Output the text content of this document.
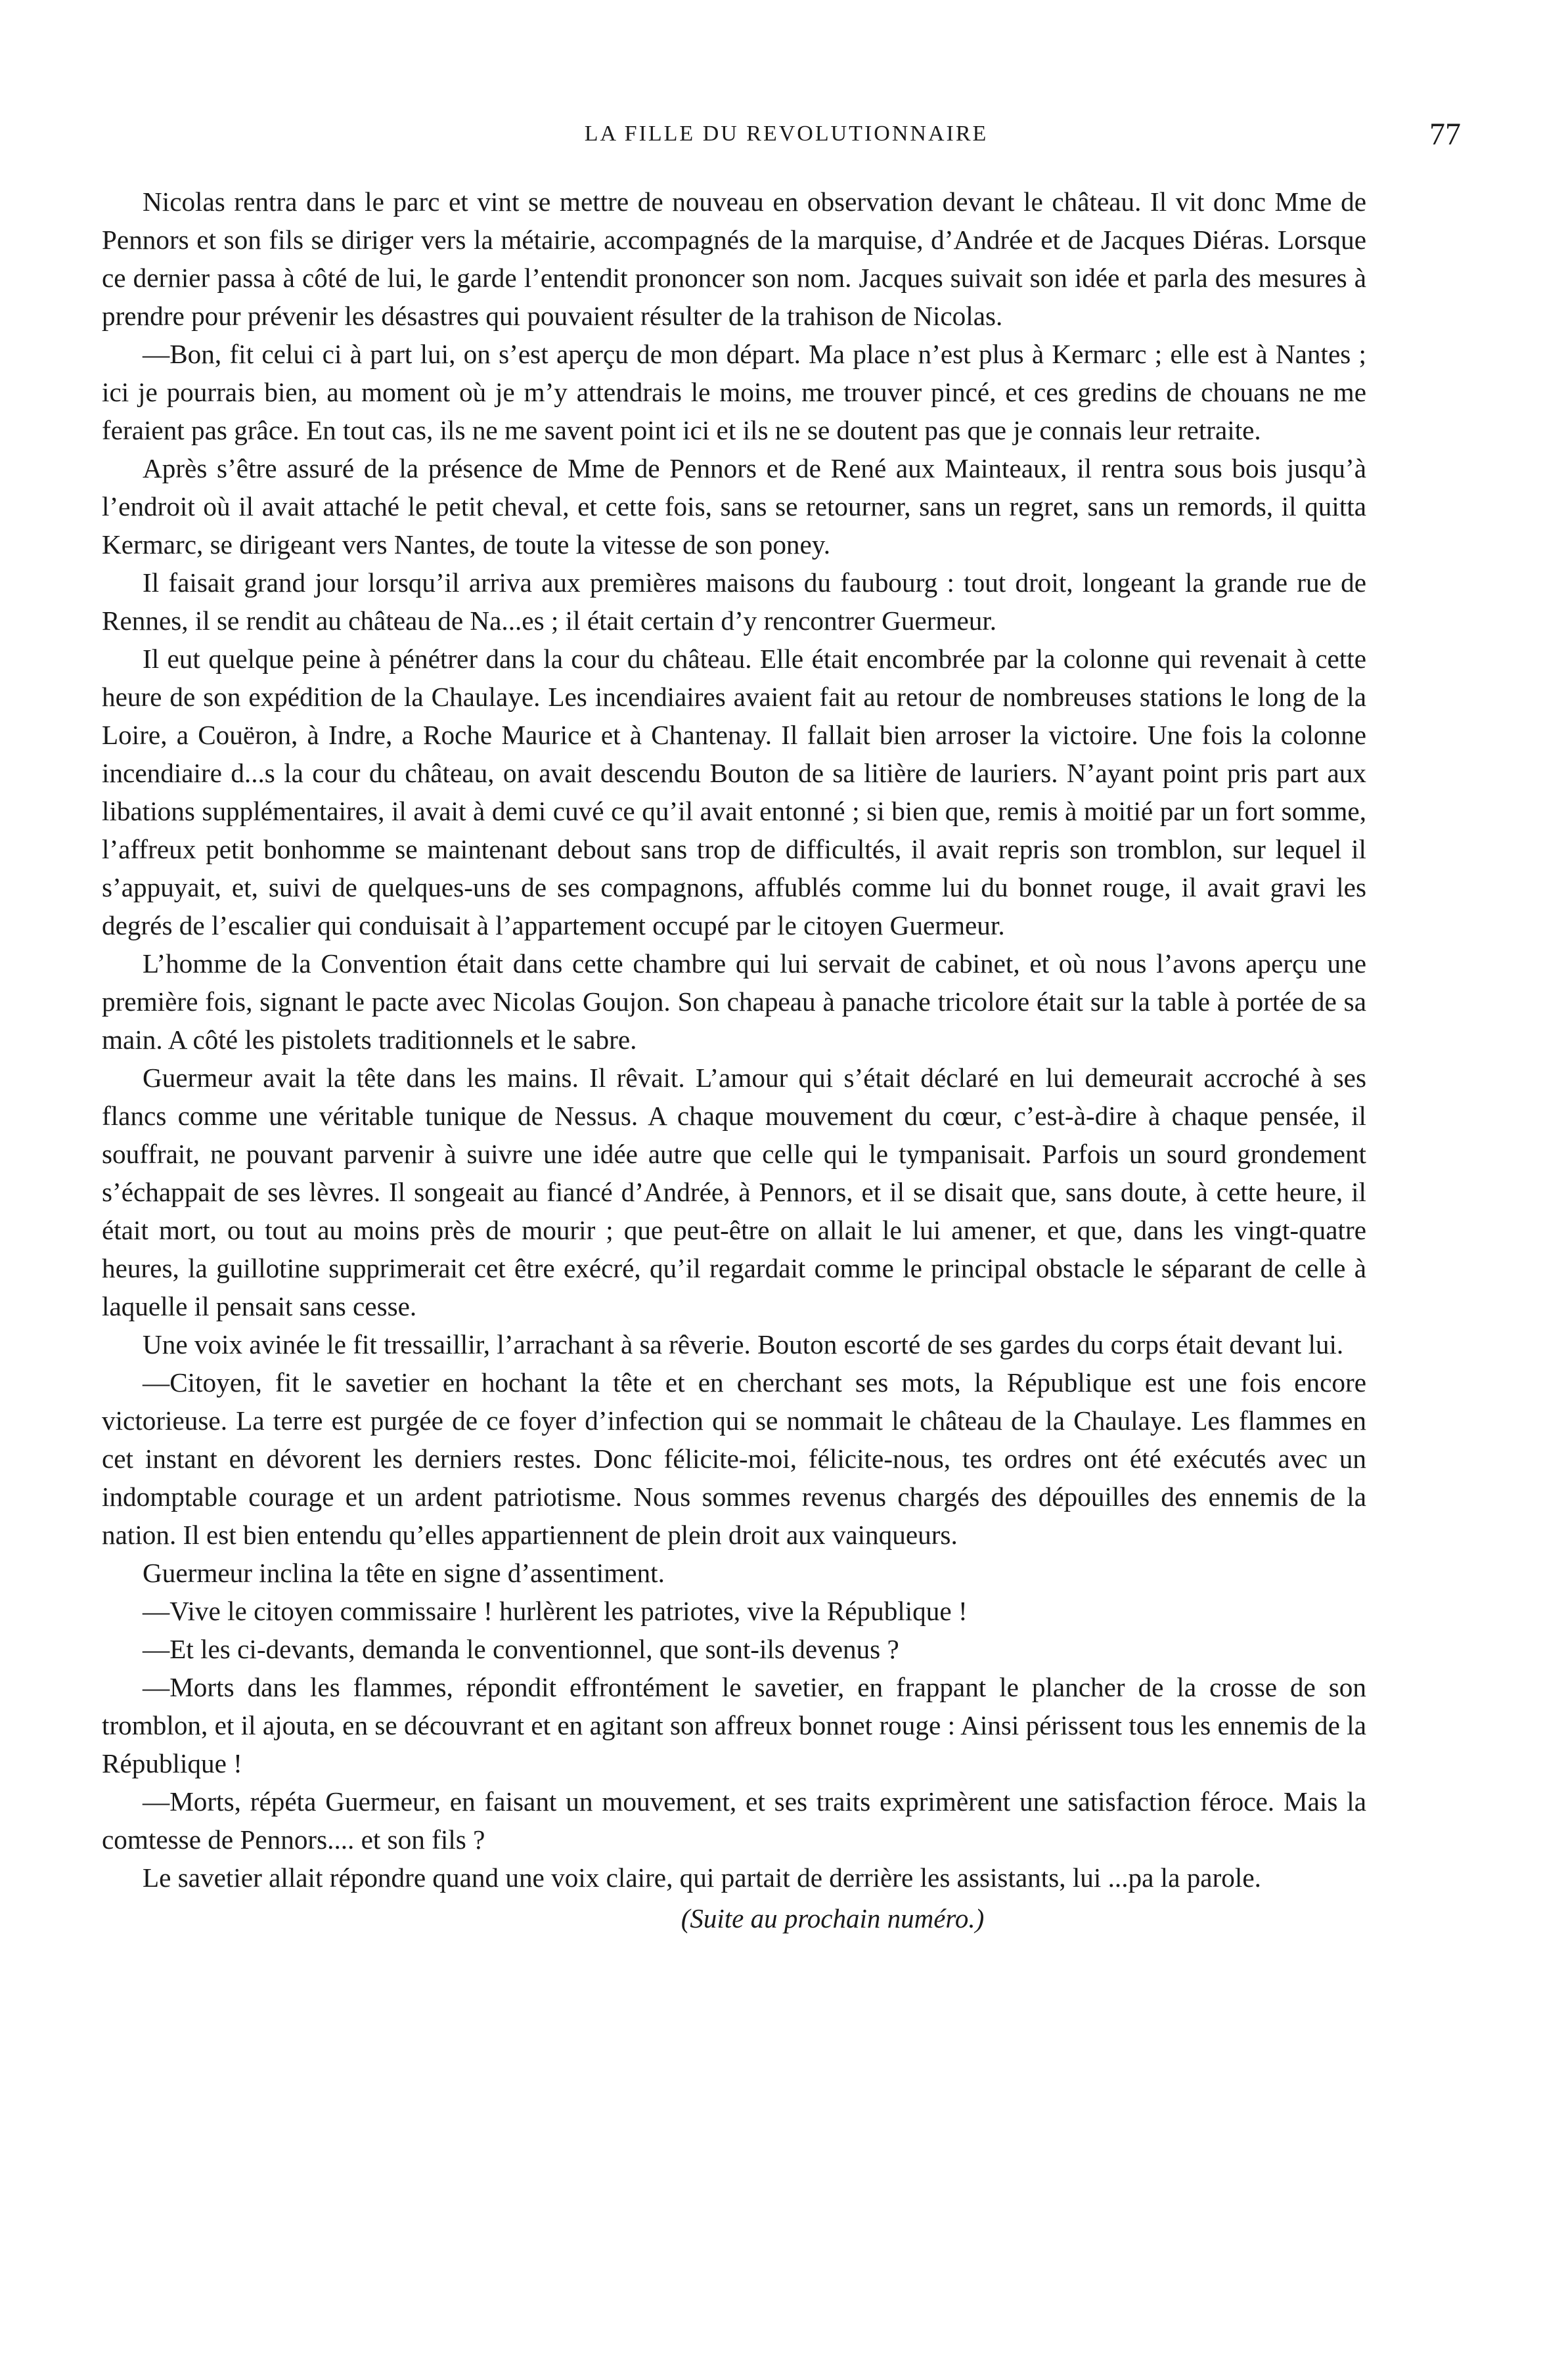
LA FILLE DU REVOLUTIONNAIRE	77

Nicolas rentra dans le parc et vint se mettre de nouveau en observation devant le château. Il vit donc Mme de Pennors et son fils se diriger vers la métairie, accompagnés de la marquise, d’Andrée et de Jacques Diéras. Lorsque ce dernier passa à côté de lui, le garde l’entendit prononcer son nom. Jacques suivait son idée et parla des mesures à prendre pour prévenir les désastres qui pouvaient résulter de la trahison de Nicolas.

—Bon, fit celui ci à part lui, on s’est aperçu de mon départ. Ma place n’est plus à Kermarc ; elle est à Nantes ; ici je pourrais bien, au moment où je m’y attendrais le moins, me trouver pincé, et ces gredins de chouans ne me feraient pas grâce. En tout cas, ils ne me savent point ici et ils ne se doutent pas que je connais leur retraite.

Après s’être assuré de la présence de Mme de Pennors et de René aux Mainteaux, il rentra sous bois jusqu’à l’endroit où il avait attaché le petit cheval, et cette fois, sans se retourner, sans un regret, sans un remords, il quitta Kermarc, se dirigeant vers Nantes, de toute la vitesse de son poney.

Il faisait grand jour lorsqu’il arriva aux premières maisons du faubourg : tout droit, longeant la grande rue de Rennes, il se rendit au château de Na...es ; il était certain d’y rencontrer Guermeur.

Il eut quelque peine à pénétrer dans la cour du château. Elle était encombrée par la colonne qui revenait à cette heure de son expédition de la Chaulaye. Les incendiaires avaient fait au retour de nombreuses stations le long de la Loire, a Couëron, à Indre, a Roche Maurice et à Chantenay. Il fallait bien arroser la victoire. Une fois la colonne incendiaire d...s la cour du château, on avait descendu Bouton de sa litière de lauriers. N’ayant point pris part aux libations supplémentaires, il avait à demi cuvé ce qu’il avait entonné ; si bien que, remis à moitié par un fort somme, l’affreux petit bonhomme se maintenant debout sans trop de difficultés, il avait repris son tromblon, sur lequel il s’appuyait, et, suivi de quelques-uns de ses compagnons, affublés comme lui du bonnet rouge, il avait gravi les degrés de l’escalier qui conduisait à l’appartement occupé par le citoyen Guermeur.

L’homme de la Convention était dans cette chambre qui lui servait de cabinet, et où nous l’avons aperçu une première fois, signant le pacte avec Nicolas Goujon. Son chapeau à panache tricolore était sur la table à portée de sa main. A côté les pistolets traditionnels et le sabre.

Guermeur avait la tête dans les mains. Il rêvait. L’amour qui s’était déclaré en lui demeurait accroché à ses flancs comme une véritable tunique de Nessus. A chaque mouvement du cœur, c’est-à-dire à chaque pensée, il souffrait, ne pouvant parvenir à suivre une idée autre que celle qui le tympanisait. Parfois un sourd grondement s’échappait de ses lèvres. Il songeait au fiancé d’Andrée, à Pennors, et il se disait que, sans doute, à cette heure, il était mort, ou tout au moins près de mourir ; que peut-être on allait le lui amener, et que, dans les vingt-quatre heures, la guillotine supprimerait cet être exécré, qu’il regardait comme le principal obstacle le séparant de celle à laquelle il pensait sans cesse.

Une voix avinée le fit tressaillir, l’arrachant à sa rêverie. Bouton escorté de ses gardes du corps était devant lui.

—Citoyen, fit le savetier en hochant la tête et en cherchant ses mots, la République est une fois encore victorieuse. La terre est purgée de ce foyer d’infection qui se nommait le château de la Chaulaye. Les flammes en cet instant en dévorent les derniers restes. Donc félicite-moi, félicite-nous, tes ordres ont été exécutés avec un indomptable courage et un ardent patriotisme. Nous sommes revenus chargés des dépouilles des ennemis de la nation. Il est bien entendu qu’elles appartiennent de plein droit aux vainqueurs.

Guermeur inclina la tête en signe d’assentiment.

—Vive le citoyen commissaire ! hurlèrent les patriotes, vive la République !

—Et les ci-devants, demanda le conventionnel, que sont-ils devenus ?

—Morts dans les flammes, répondit effrontément le savetier, en frappant le plancher de la crosse de son tromblon, et il ajouta, en se découvrant et en agitant son affreux bonnet rouge : Ainsi périssent tous les ennemis de la République !

—Morts, répéta Guermeur, en faisant un mouvement, et ses traits exprimèrent une satisfaction féroce. Mais la comtesse de Pennors.... et son fils ?

Le savetier allait répondre quand une voix claire, qui partait de derrière les assistants, lui ...pa la parole.

(Suite au prochain numéro.)
